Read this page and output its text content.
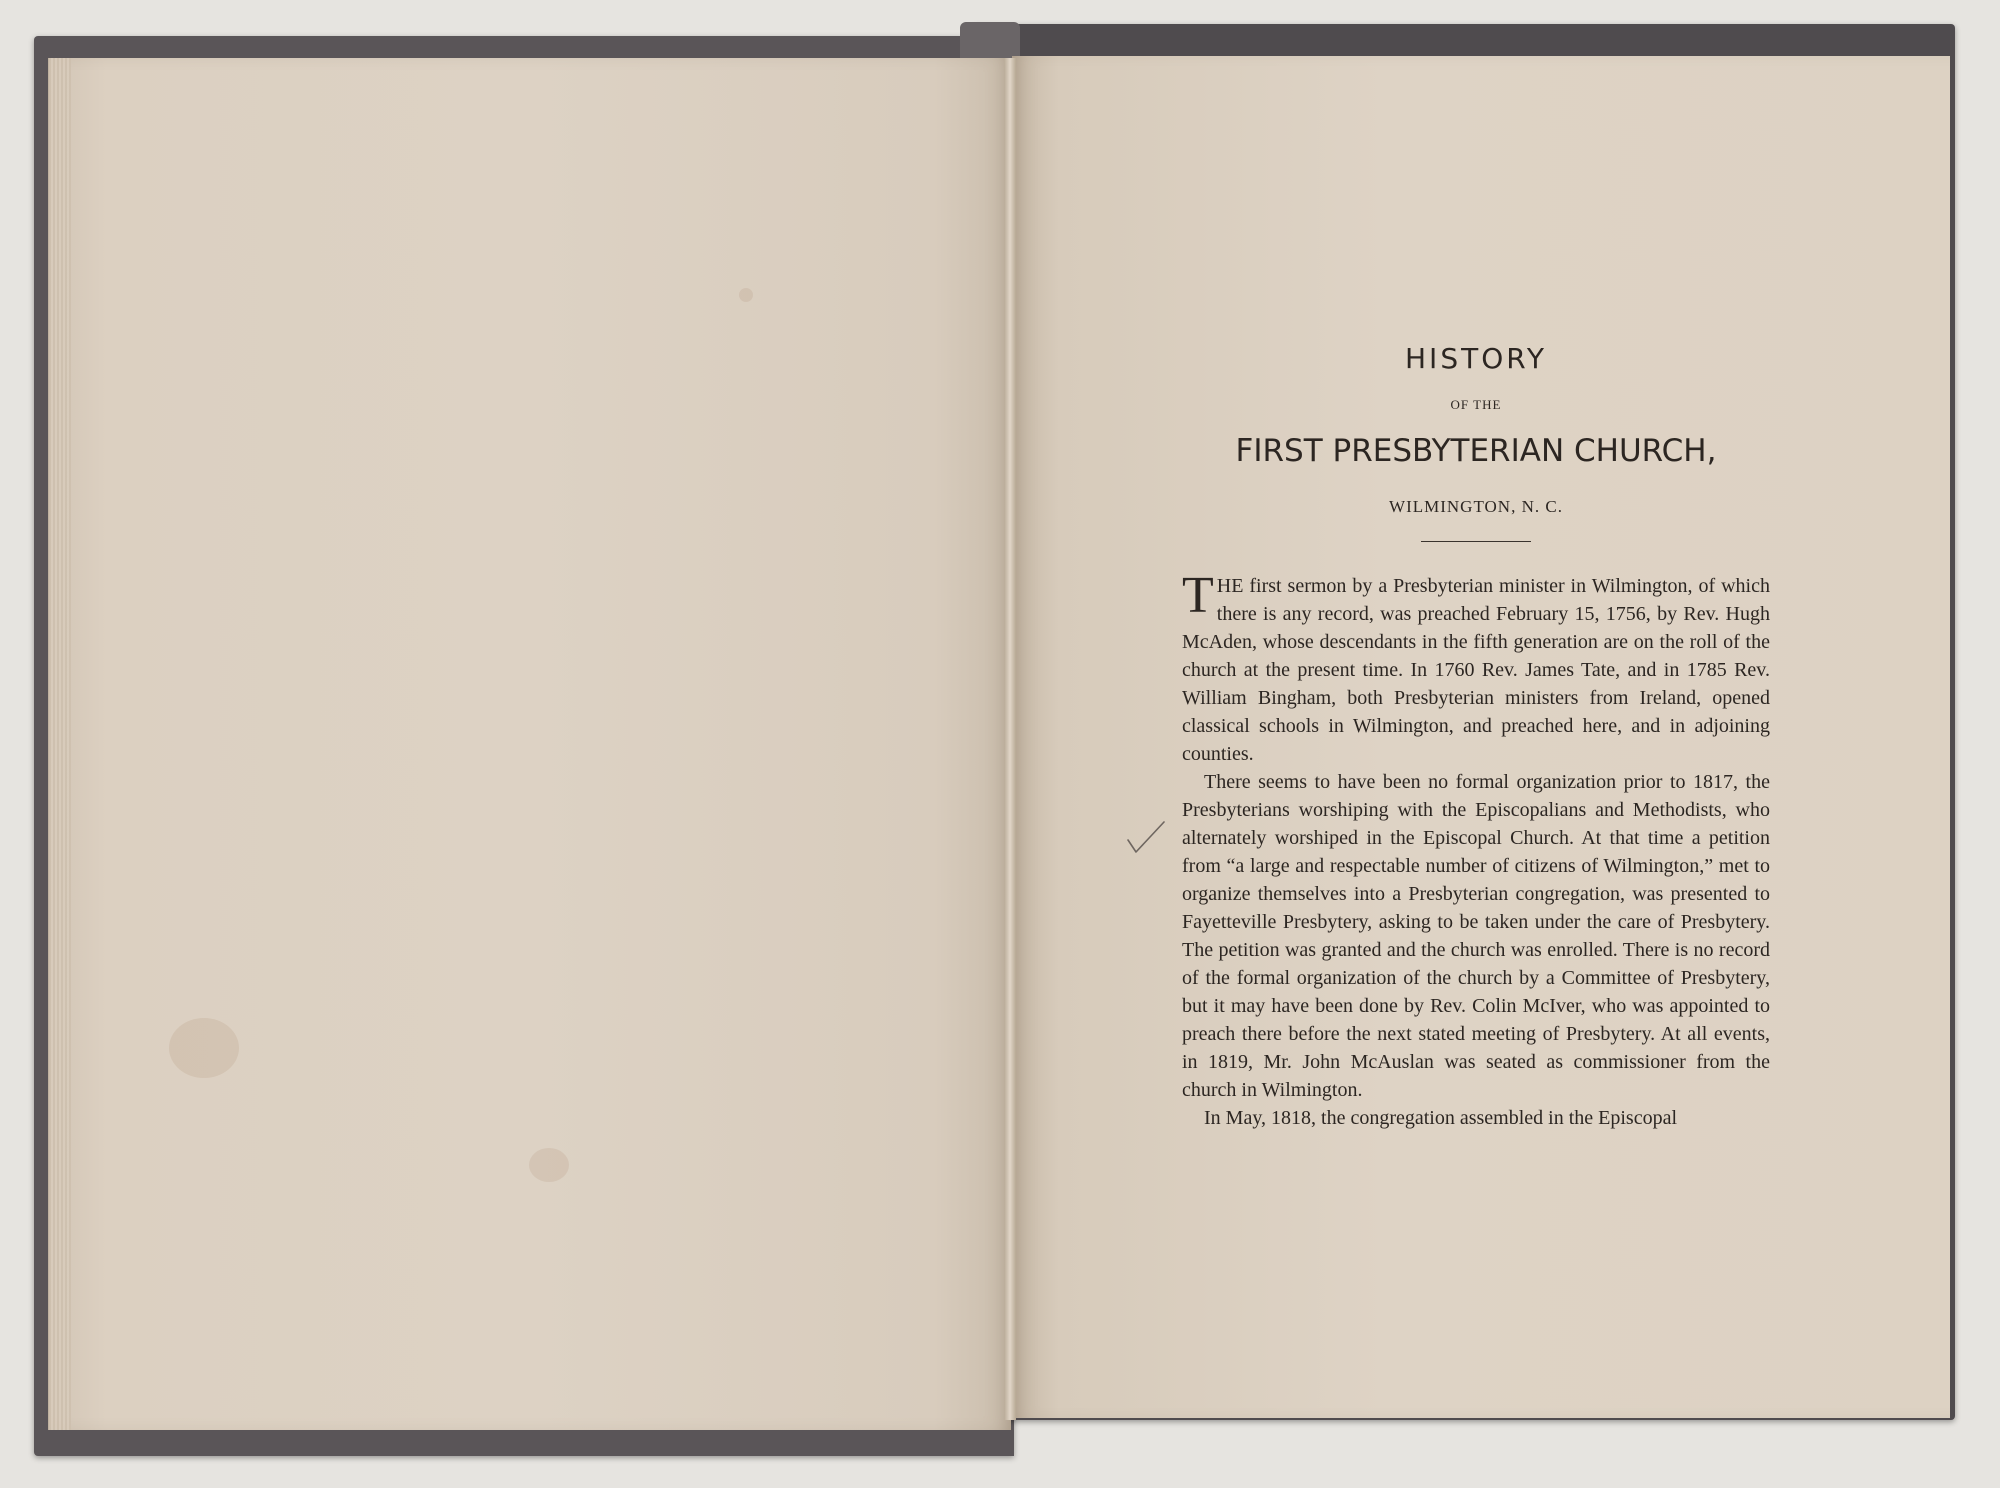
HISTORY
OF THE
FIRST PRESBYTERIAN CHURCH,
WILMINGTON, N. C.

THE first sermon by a Presbyterian minister in Wilmington, of which there is any record, was preached February 15, 1756, by Rev. Hugh McAden, whose descendants in the fifth generation are on the roll of the church at the present time. In 1760 Rev. James Tate, and in 1785 Rev. William Bingham, both Presbyterian ministers from Ireland, opened classical schools in Wilmington, and preached here, and in adjoining counties.

There seems to have been no formal organization prior to 1817, the Presbyterians worshiping with the Episcopalians and Methodists, who alternately worshiped in the Episcopal Church. At that time a petition from “a large and respectable number of citizens of Wilmington,” met to organize themselves into a Presbyterian congregation, was presented to Fayetteville Presbytery, asking to be taken under the care of Presbytery. The petition was granted and the church was enrolled. There is no record of the formal organization of the church by a Committee of Presbytery, but it may have been done by Rev. Colin McIver, who was appointed to preach there before the next stated meeting of Presbytery. At all events, in 1819, Mr. John McAuslan was seated as commissioner from the church in Wilmington.

In May, 1818, the congregation assembled in the Episcopal
